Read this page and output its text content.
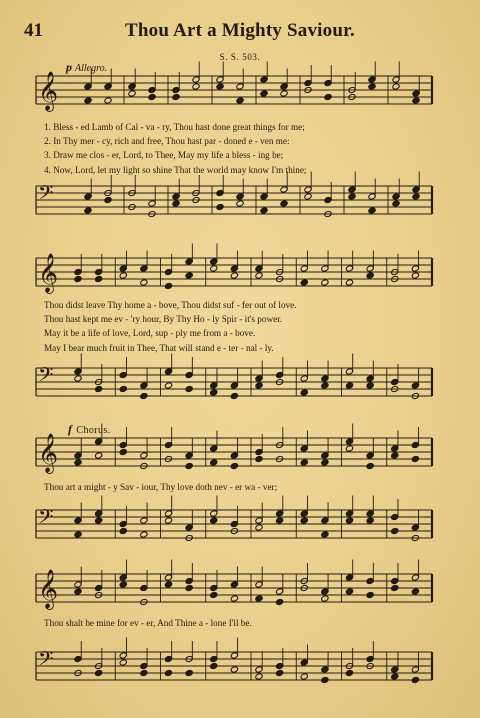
41	Thou Art a Mighty Saviour.
S. S. 503.
p Allegro.
𝄞
1. Bless - ed Lamb of Cal - va - ry, Thou hast done great things for me;
2. In Thy mer - cy, rich and free, Thou hast par - doned e - ven me:
3. Draw me clos - er, Lord, to Thee, May my life a bless - ing be;
4. Now, Lord, let my light so shine That the world may know I'm thine;
𝄢
𝄞
Thou didst leave Thy home a - bove, Thou didst suf - fer out of love.
Thou hast kept me ev - 'ry hour, By Thy Ho - ly Spir - it's power.
May it be a life of love, Lord, sup - ply me from a - bove.
May I bear much fruit in Thee, That will stand e - ter - nal - ly.
𝄢
f Chorus.
𝄞
Thou art a might - y Sav - iour, Thy love doth nev - er wa - ver;
𝄢
𝄞
Thou shalt be mine for ev - er, And Thine a - lone I'll be.
𝄢
